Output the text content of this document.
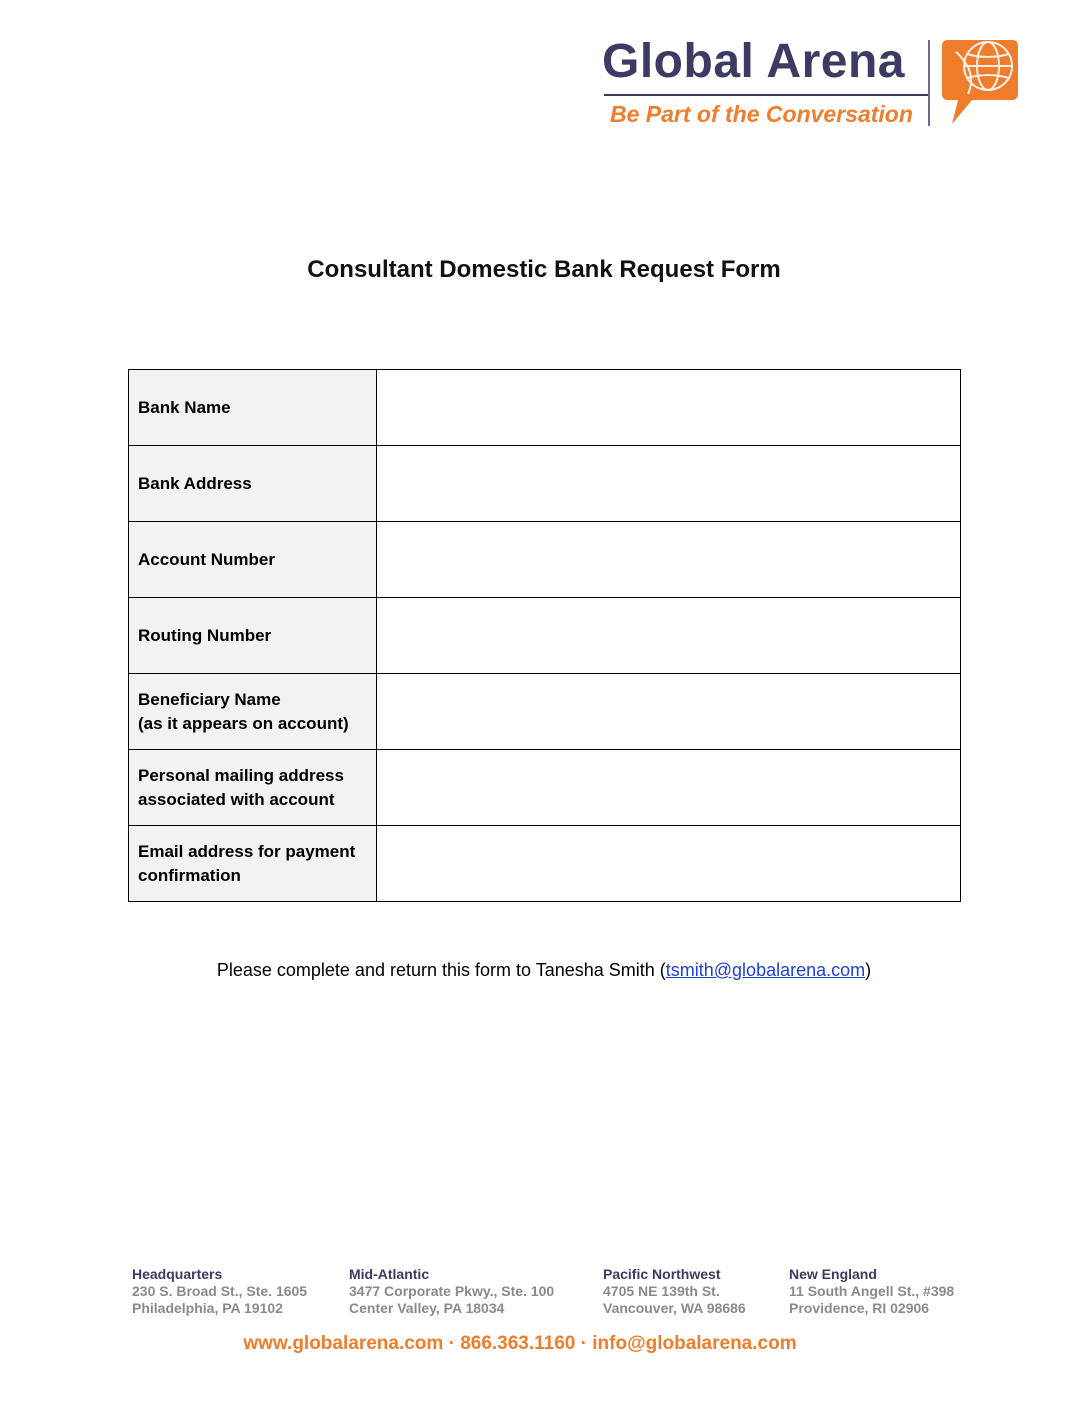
Global Arena
Be Part of the Conversation
Consultant Domestic Bank Request Form
Bank Name	

Bank Address	

Account Number	

Routing Number	

Beneficiary Name
(as it appears on account)	

Personal mailing address
associated with account	

Email address for payment
confirmation	

Please complete and return this form to Tanesha Smith (tsmith@globalarena.com)
Headquarters
230 S. Broad St., Ste. 1605
Philadelphia, PA 19102
Mid-Atlantic
3477 Corporate Pkwy., Ste. 100
Center Valley, PA 18034
Pacific Northwest
4705 NE 139th St.
Vancouver, WA 98686
New England
11 South Angell St., #398
Providence, RI 02906
www.globalarena.com · 866.363.1160 · info@globalarena.com
